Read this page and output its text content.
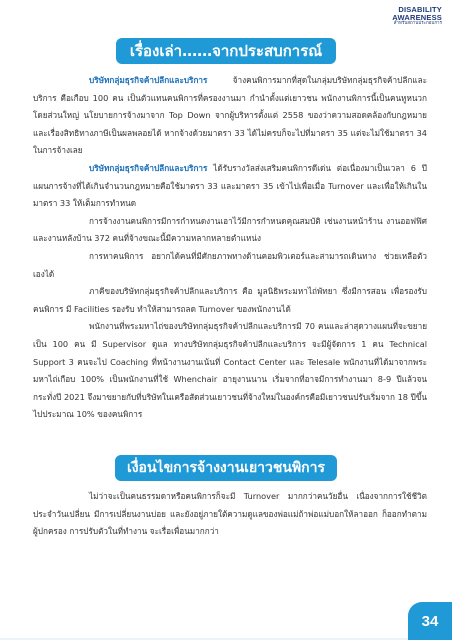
DISABILITY
AWARENESS
สำหรับสถานประกอบการ
เรื่องเล่า……จากประสบการณ์

บริษัทกลุ่มธุรกิจค้าปลีกและบริการ จ้างคนพิการมากที่สุดในกลุ่มบริษัทกลุ่มธุรกิจค้าปลีกและบริการ คือเกือบ 100 คน เป็นตัวแทนคนพิการที่ครองงานมา กำนำตั้งแต่เยาวชน พนักงานพิการนี้เป็นคนหูหนวกโดยส่วนใหญ่ นโยบายการจ้างมาจาก Top Down จากผู้บริหารตั้งแต่ 2558 ของว่าความสอดคล้องกับกฎหมายและเรื่องสิทธิทางภาษีเป็นผลพลอยได้ หากจ้างด้วยมาตรา 33 ได้ไม่ครบก็จะไปที่มาตรา 35 แต่จะไม่ใช้มาตรา 34 ในการจ้างเลย

บริษัทกลุ่มธุรกิจค้าปลีกและบริการ ได้รับรางวัลส่งเสริมคนพิการดีเด่น ต่อเนื่องมาเป็นเวลา 6 ปี แผนการจ้างที่ได้เกินจำนวนกฎหมายคือใช้มาตรา 33 และมาตรา 35 เข้าไปเพื่อเมื่อ Turnover และเพื่อให้เกินในมาตรา 33 ให้เต็มการทำหนด

การจ้างงานคนพิการมีการกำหนดงานเอาไว้มีการกำหนดคุณสมบัติ เช่นงานหน้าร้าน งานออฟฟิศ และงานหลังบ้าน 372 คนที่จ้างขณะนี้มีความหลากหลายตำแหน่ง

การหาคนพิการ อยากได้คนที่มีศักยภาพทางด้านคอมพิวเตอร์และสามารถเดินทาง ช่วยเหลือตัวเองได้

ภาคีของบริษัทกลุ่มธุรกิจค้าปลีกและบริการ คือ มูลนิธิพระมหาไถ่พัทยา ซึ่งมีการสอน เพื่อรองรับคนพิการ มี Facilities รองรับ ทำให้สามารถลด Turnover ของพนักงานได้

พนักงานที่พระมหาไถ่ของบริษัทกลุ่มธุรกิจค้าปลีกและบริการมี 70 คนและล่าสุดวางแผนที่จะขยายเป็น 100 คน มี Supervisor ดูแล ทางบริษัทกลุ่มธุรกิจค้าปลีกและบริการ จะมีผู้จัดการ 1 คน Technical Support 3 คนจะไป Coaching ที่หน้างานงานเน้นที่ Contact Center และ Telesale พนักงานที่ได้มาจากพระมหาไถ่เกือบ 100% เป็นพนักงานที่ใช้ Whenchair อายุงานนาน เริ่มจากที่อาจมีการทำงานมา 8-9 ปีแล้วจนกระทั่งปี 2021 จึงมาขยายกับที่บริษัทในเครือสัดส่วนเยาวชนที่จ้างใหม่ในองค์กรคือมีเยาวชนปรับเริ่มจาก 18 ปีขึ้นไปประมาณ 10% ของคนพิการ

เงื่อนไขการจ้างงานเยาวชนพิการ

ไม่ว่าจะเป็นคนธรรมดาหรือคนพิการก็จะมี Turnover มากกว่าคนวัยอื่น เนื่องจากการใช้ชีวิตประจำวันเปลี่ยน มีการเปลี่ยนงานบ่อย และยังอยู่ภายใต้ความดูแลของพ่อแม่ถ้าพ่อแม่บอกให้ลาออก ก็ออกทำตามผู้ปกครอง การปรับตัวในที่ทำงาน จะเรื่อเพื่อนมากกว่า

34
